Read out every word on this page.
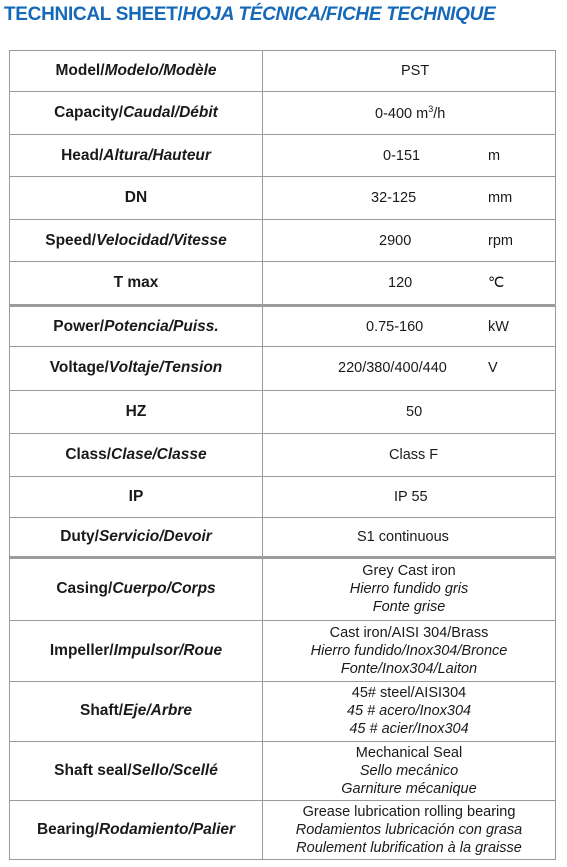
TECHNICAL SHEET/HOJA TÉCNICA/FICHE TECHNIQUE
Model/Modelo/Modèle	PST

Capacity/Caudal/Débit	0-400 $m^3/h$

Head/Altura/Hauteur	0-151 m

DN	32-125 mm

Speed/Velocidad/Vitesse	2900 rpm

T max	120 ℃

Power/Potencia/Puiss.	0.75-160 kW

Voltage/Voltaje/Tension	220/380/400/440 V

HZ	50

Class/Clase/Classe	Class F

IP	IP 55

Duty/Servicio/Devoir	S1 continuous

Casing/Cuerpo/Corps	Grey Cast iron
Hierro fundido gris
Fonte grise

Impeller/Impulsor/Roue	Cast iron/AISI 304/Brass
Hierro fundido/Inox304/Bronce
Fonte/Inox304/Laiton

Shaft/Eje/Arbre	45# steel/AISI304
45 # acero/Inox304
45 # acier/Inox304

Shaft seal/Sello/Scellé	Mechanical Seal
Sello mecánico
Garniture mécanique

Bearing/Rodamiento/Palier	Grease lubrication rolling bearing
Rodamientos lubricación con grasa
Roulement lubrification à la graisse
